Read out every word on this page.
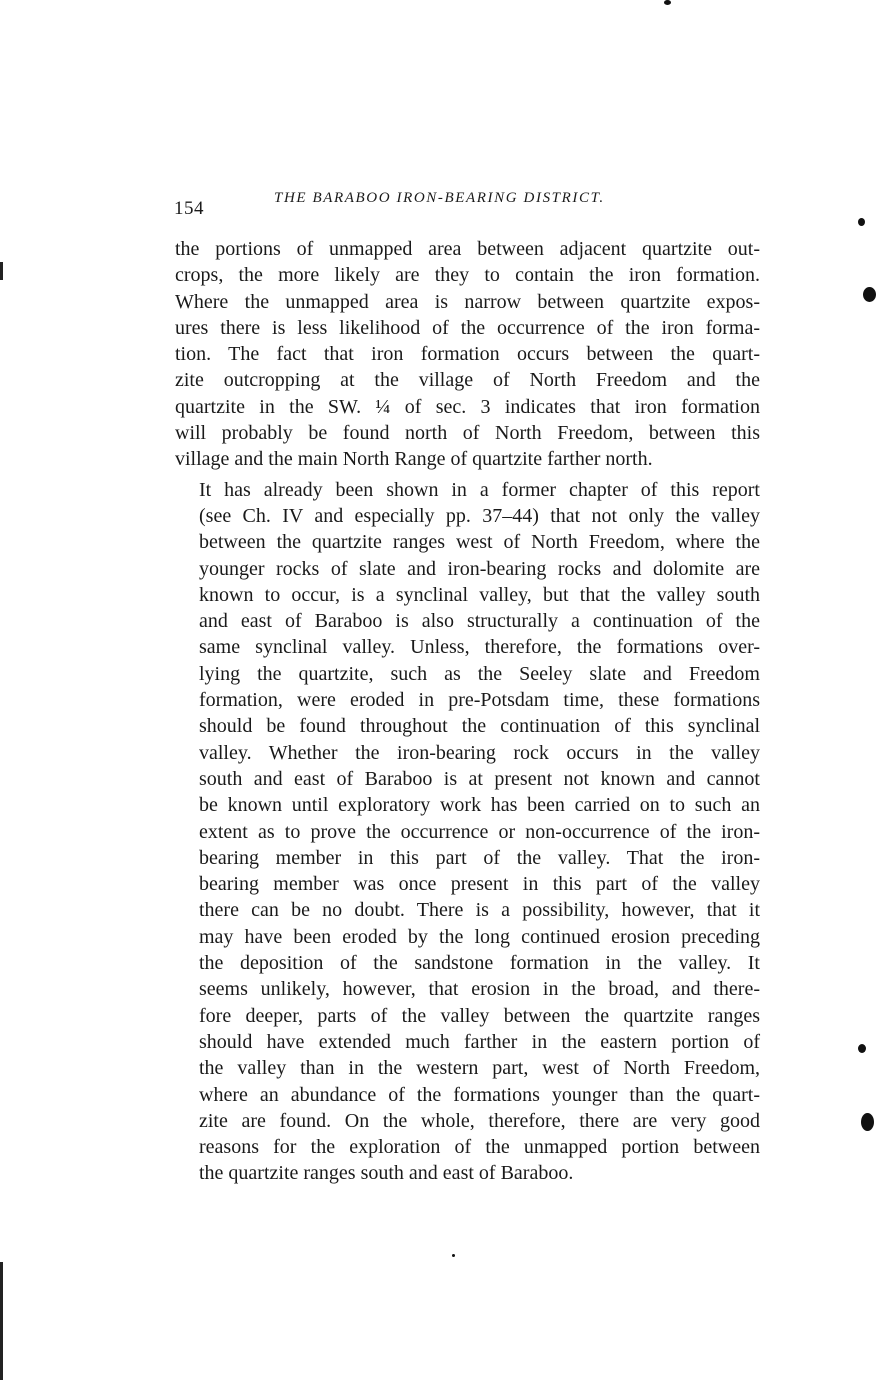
154	THE BARABOO IRON-BEARING DISTRICT.

the portions of unmapped area between adjacent quartzite out-
crops, the more likely are they to contain the iron formation.
Where the unmapped area is narrow between quartzite expos-
ures there is less likelihood of the occurrence of the iron forma-
tion. The fact that iron formation occurs between the quart-
zite outcropping at the village of North Freedom and the
quartzite in the SW. ¼ of sec. 3 indicates that iron formation
will probably be found north of North Freedom, between this
village and the main North Range of quartzite farther north.

It has already been shown in a former chapter of this report
(see Ch. IV and especially pp. 37–44) that not only the valley
between the quartzite ranges west of North Freedom, where the
younger rocks of slate and iron-bearing rocks and dolomite are
known to occur, is a synclinal valley, but that the valley south
and east of Baraboo is also structurally a continuation of the
same synclinal valley. Unless, therefore, the formations over-
lying the quartzite, such as the Seeley slate and Freedom
formation, were eroded in pre-Potsdam time, these formations
should be found throughout the continuation of this synclinal
valley. Whether the iron-bearing rock occurs in the valley
south and east of Baraboo is at present not known and cannot
be known until exploratory work has been carried on to such an
extent as to prove the occurrence or non-occurrence of the iron-
bearing member in this part of the valley. That the iron-
bearing member was once present in this part of the valley
there can be no doubt. There is a possibility, however, that it
may have been eroded by the long continued erosion preceding
the deposition of the sandstone formation in the valley. It
seems unlikely, however, that erosion in the broad, and there-
fore deeper, parts of the valley between the quartzite ranges
should have extended much farther in the eastern portion of
the valley than in the western part, west of North Freedom,
where an abundance of the formations younger than the quart-
zite are found. On the whole, therefore, there are very good
reasons for the exploration of the unmapped portion between
the quartzite ranges south and east of Baraboo.
